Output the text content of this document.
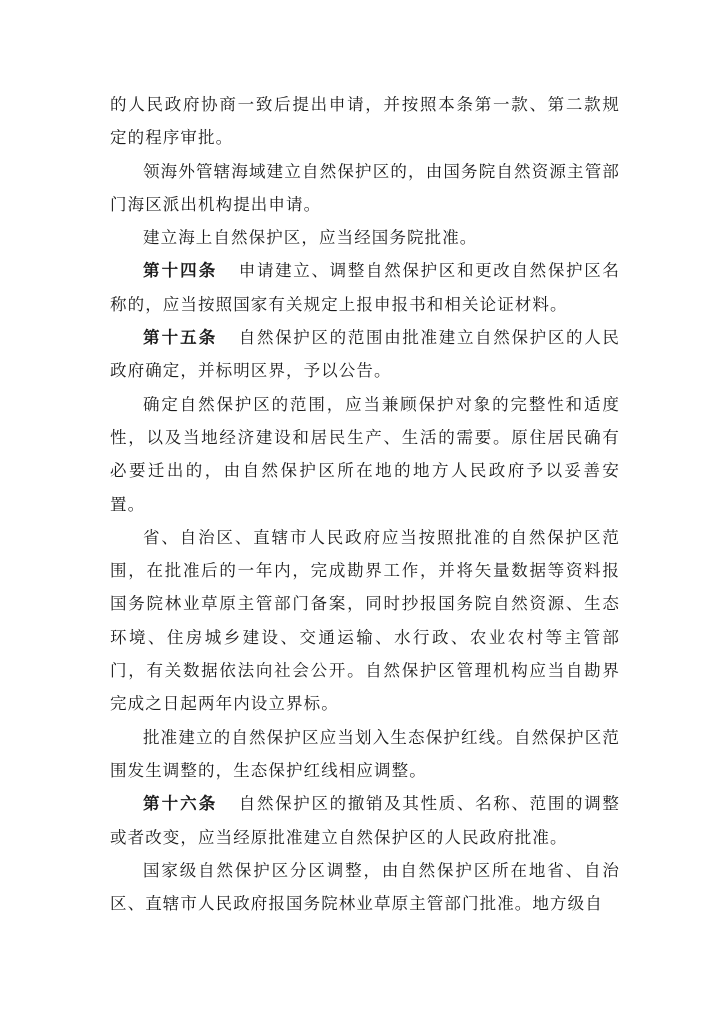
的人民政府协商一致后提出申请，并按照本条第一款、第二款规定的程序审批。

领海外管辖海域建立自然保护区的，由国务院自然资源主管部门海区派出机构提出申请。

建立海上自然保护区，应当经国务院批准。

第十四条 申请建立、调整自然保护区和更改自然保护区名称的，应当按照国家有关规定上报申报书和相关论证材料。

第十五条 自然保护区的范围由批准建立自然保护区的人民政府确定，并标明区界，予以公告。

确定自然保护区的范围，应当兼顾保护对象的完整性和适度性，以及当地经济建设和居民生产、生活的需要。原住居民确有必要迁出的，由自然保护区所在地的地方人民政府予以妥善安置。

省、自治区、直辖市人民政府应当按照批准的自然保护区范围，在批准后的一年内，完成勘界工作，并将矢量数据等资料报国务院林业草原主管部门备案，同时抄报国务院自然资源、生态环境、住房城乡建设、交通运输、水行政、农业农村等主管部门，有关数据依法向社会公开。自然保护区管理机构应当自勘界完成之日起两年内设立界标。

批准建立的自然保护区应当划入生态保护红线。自然保护区范围发生调整的，生态保护红线相应调整。

第十六条 自然保护区的撤销及其性质、名称、范围的调整或者改变，应当经原批准建立自然保护区的人民政府批准。

国家级自然保护区分区调整，由自然保护区所在地省、自治区、直辖市人民政府报国务院林业草原主管部门批准。地方级自
